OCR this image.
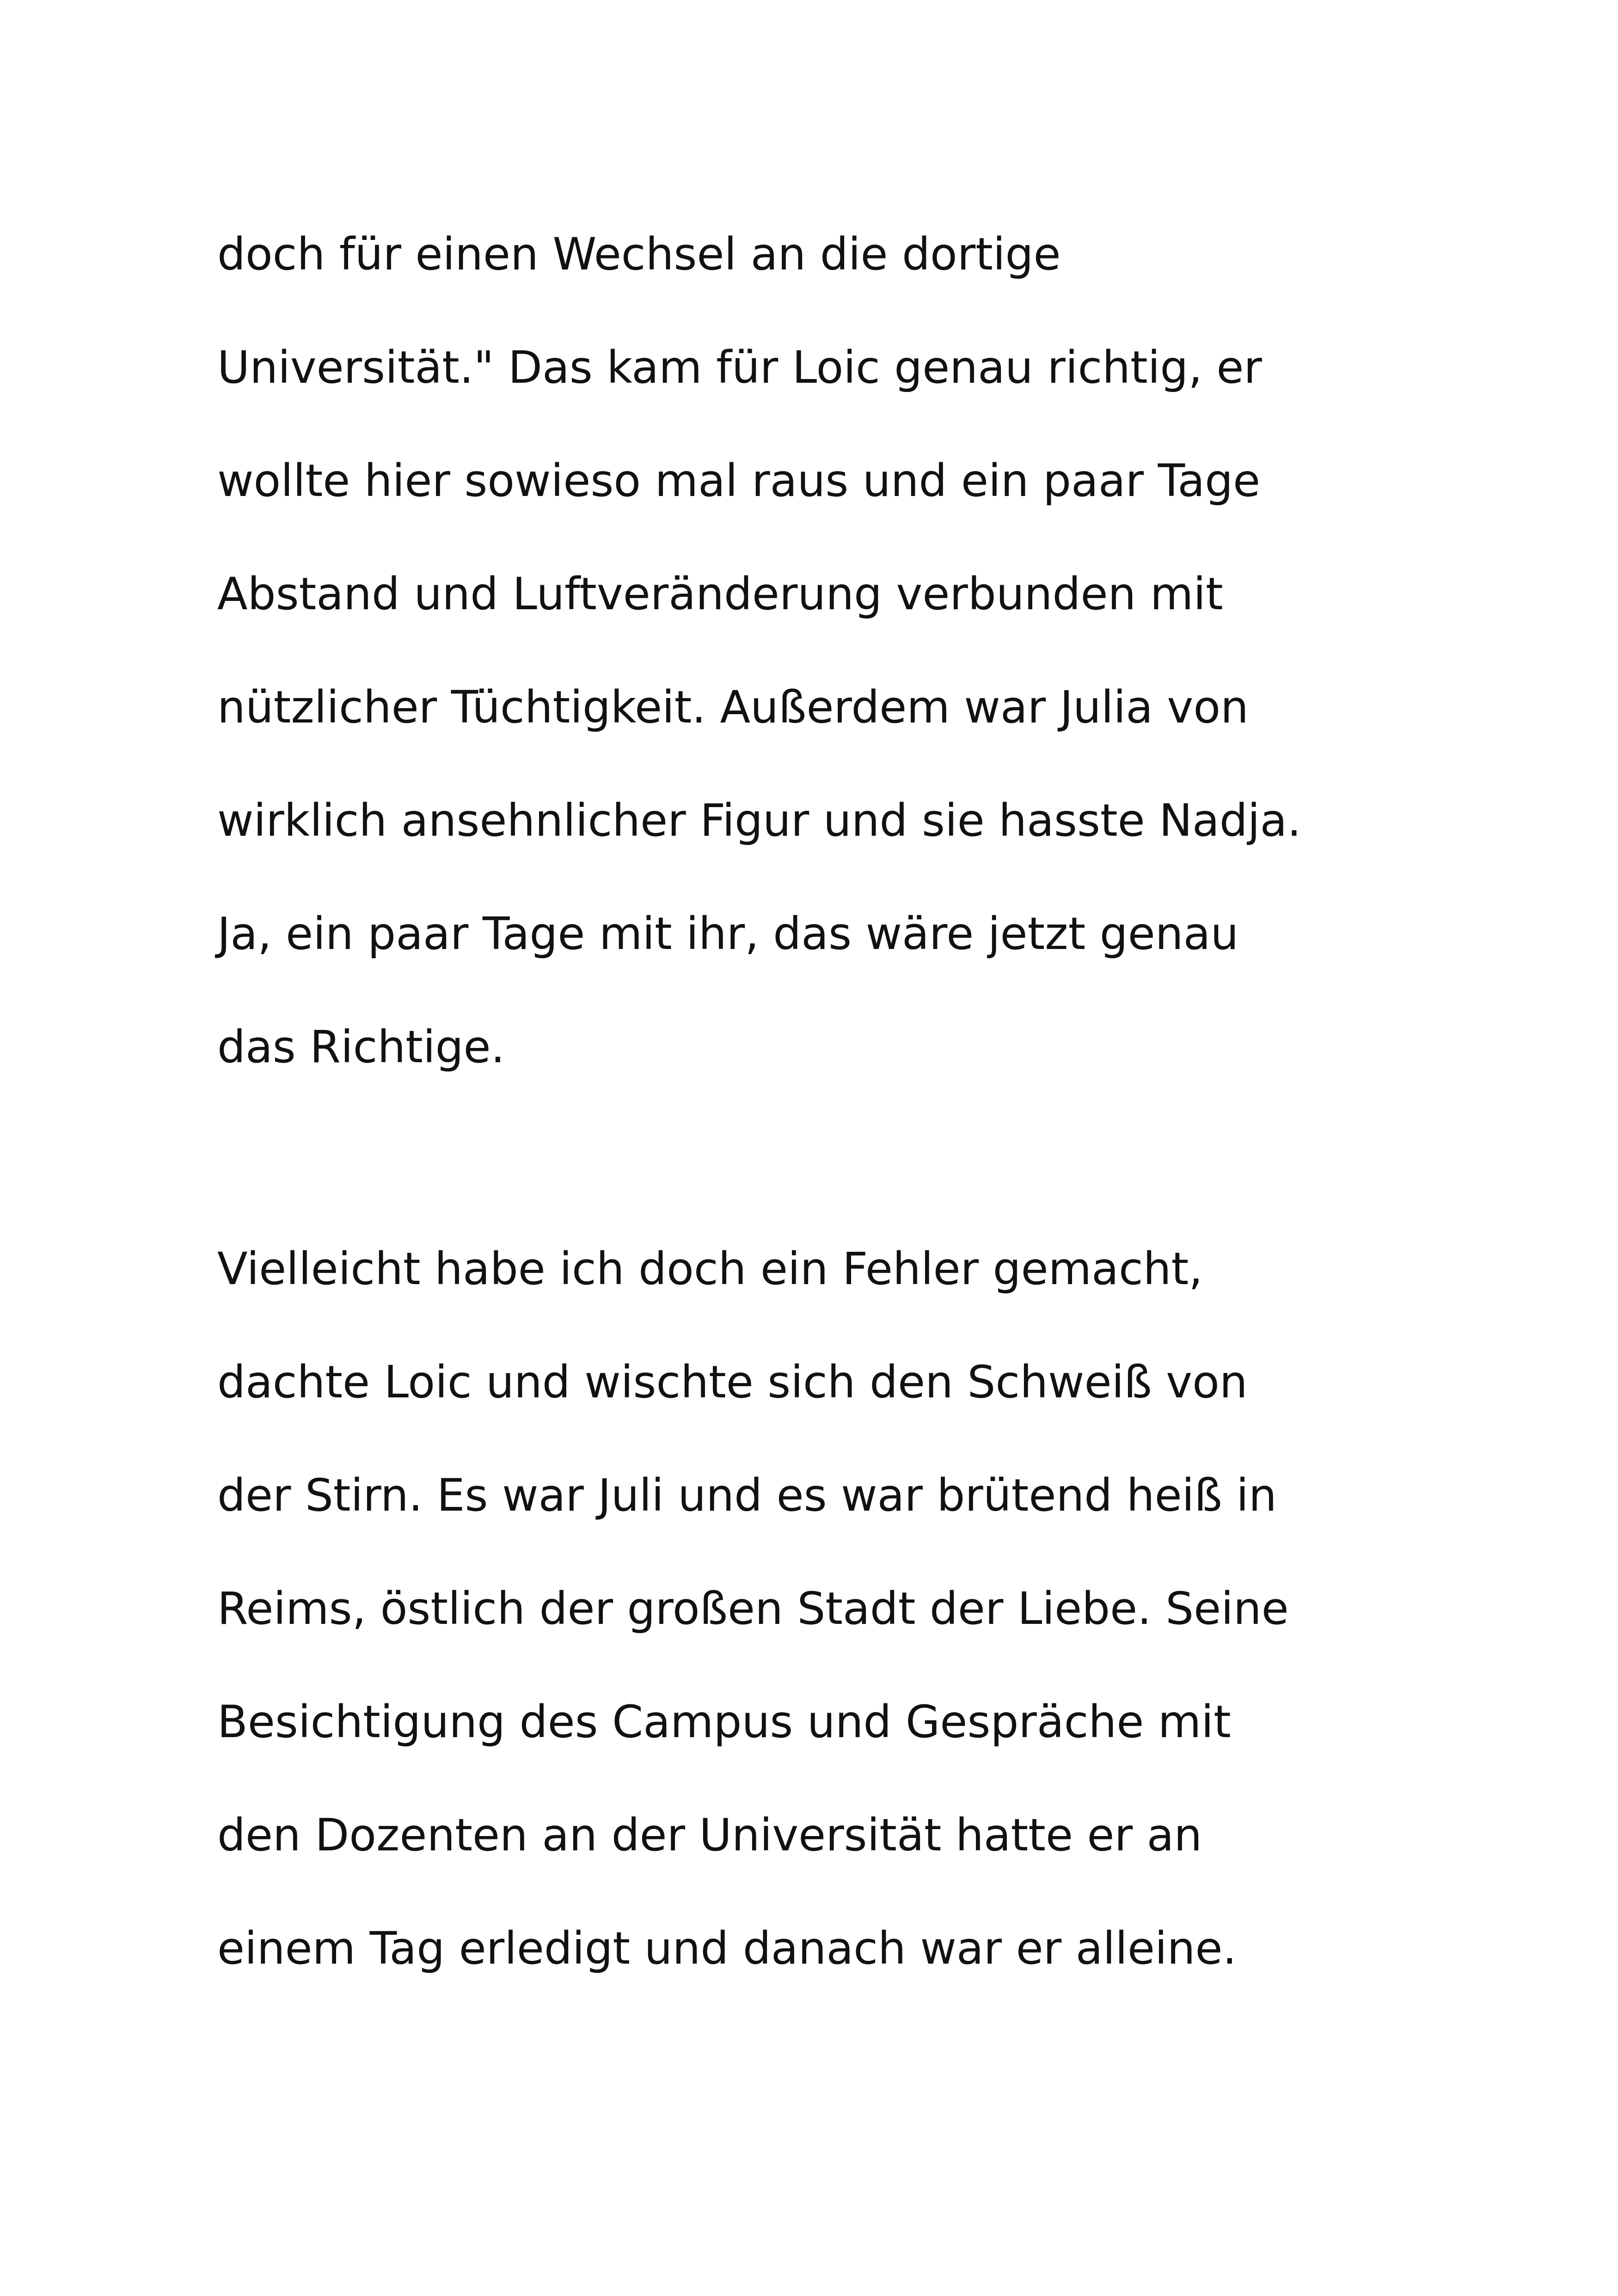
doch für einen Wechsel an die dortige
Universität." Das kam für Loic genau richtig, er
wollte hier sowieso mal raus und ein paar Tage
Abstand und Luftveränderung verbunden mit
nützlicher Tüchtigkeit. Außerdem war Julia von
wirklich ansehnlicher Figur und sie hasste Nadja.
Ja, ein paar Tage mit ihr, das wäre jetzt genau
das Richtige.
Vielleicht habe ich doch ein Fehler gemacht,
dachte Loic und wischte sich den Schweiß von
der Stirn. Es war Juli und es war brütend heiß in
Reims, östlich der großen Stadt der Liebe. Seine
Besichtigung des Campus und Gespräche mit
den Dozenten an der Universität hatte er an
einem Tag erledigt und danach war er alleine.
